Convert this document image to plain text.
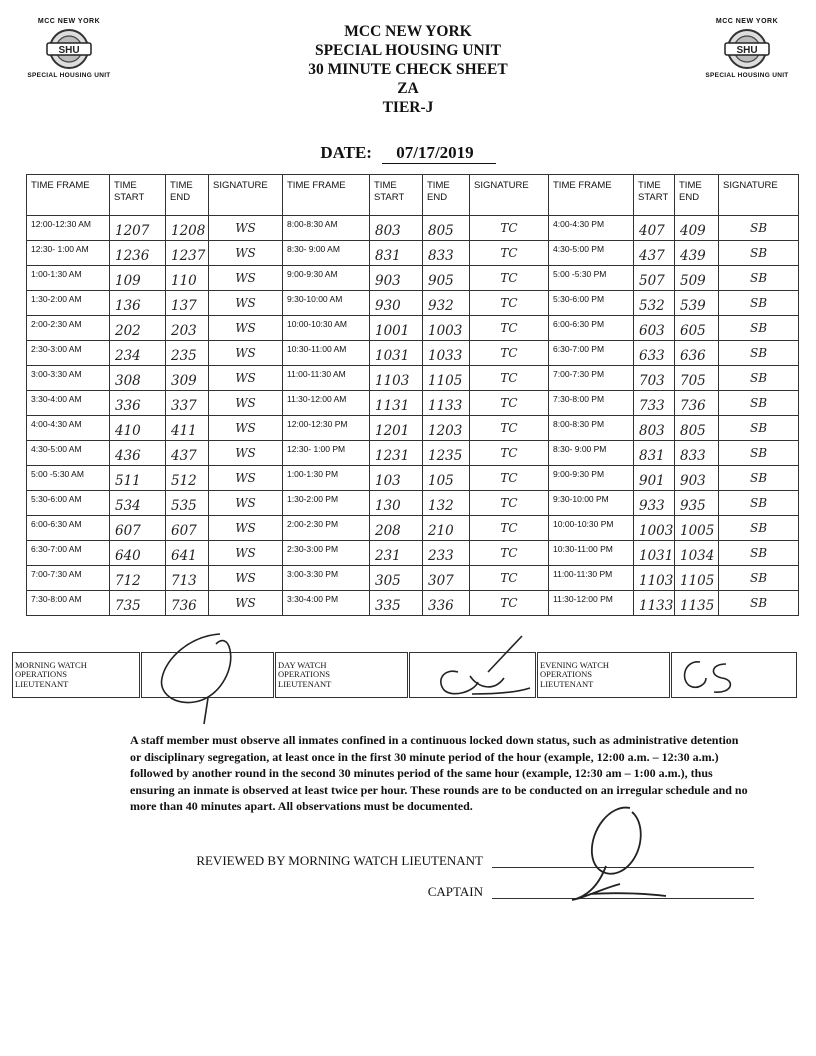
MCC NEW YORK
SHU
SPECIAL HOUSING UNIT
MCC NEW YORK
SHU
SPECIAL HOUSING UNIT
MCC NEW YORK
SPECIAL HOUSING UNIT
30 MINUTE CHECK SHEET
ZA
TIER-J
DATE: 07/17/2019
TIME FRAME	TIME START	TIME END	SIGNATURE	TIME FRAME	TIME START	TIME END	SIGNATURE	TIME FRAME	TIME START	TIME END	SIGNATURE
12:00-12:30 AM	1207	1208	WS	8:00-8:30 AM	803	805	TC	4:00-4:30 PM	407	409	SB
12:30- 1:00 AM	1236	1237	WS	8:30- 9:00 AM	831	833	TC	4:30-5:00 PM	437	439	SB
1:00-1:30 AM	109	110	WS	9:00-9:30 AM	903	905	TC	5:00 -5:30 PM	507	509	SB
1:30-2:00 AM	136	137	WS	9:30-10:00 AM	930	932	TC	5:30-6:00 PM	532	539	SB
2:00-2:30 AM	202	203	WS	10:00-10:30 AM	1001	1003	TC	6:00-6:30 PM	603	605	SB
2:30-3:00 AM	234	235	WS	10:30-11:00 AM	1031	1033	TC	6:30-7:00 PM	633	636	SB
3:00-3:30 AM	308	309	WS	11:00-11:30 AM	1103	1105	TC	7:00-7:30 PM	703	705	SB
3:30-4:00 AM	336	337	WS	11:30-12:00 AM	1131	1133	TC	7:30-8:00 PM	733	736	SB
4:00-4:30 AM	410	411	WS	12:00-12:30 PM	1201	1203	TC	8:00-8:30 PM	803	805	SB
4:30-5:00 AM	436	437	WS	12:30- 1:00 PM	1231	1235	TC	8:30- 9:00 PM	831	833	SB
5:00 -5:30 AM	511	512	WS	1:00-1:30 PM	103	105	TC	9:00-9:30 PM	901	903	SB
5:30-6:00 AM	534	535	WS	1:30-2:00 PM	130	132	TC	9:30-10:00 PM	933	935	SB
6:00-6:30 AM	607	607	WS	2:00-2:30 PM	208	210	TC	10:00-10:30 PM	1003	1005	SB
6:30-7:00 AM	640	641	WS	2:30-3:00 PM	231	233	TC	10:30-11:00 PM	1031	1034	SB
7:00-7:30 AM	712	713	WS	3:00-3:30 PM	305	307	TC	11:00-11:30 PM	1103	1105	SB
7:30-8:00 AM	735	736	WS	3:30-4:00 PM	335	336	TC	11:30-12:00 PM	1133	1135	SB
MORNING WATCH
OPERATIONS
LIEUTENANT

DAY WATCH
OPERATIONS
LIEUTENANT

EVENING WATCH
OPERATIONS
LIEUTENANT

A staff member must observe all inmates confined in a continuous locked down status, such as administrative detention or disciplinary segregation, at least once in the first 30 minute period of the hour (example, 12:00 a.m. – 12:30 a.m.) followed by another round in the second 30 minutes period of the same hour (example, 12:30 am – 1:00 a.m.), thus ensuring an inmate is observed at least twice per hour. These rounds are to be conducted on an irregular schedule and no more than 40 minutes apart. All observations must be documented.
REVIEWED BY MORNING WATCH LIEUTENANT
CAPTAIN
